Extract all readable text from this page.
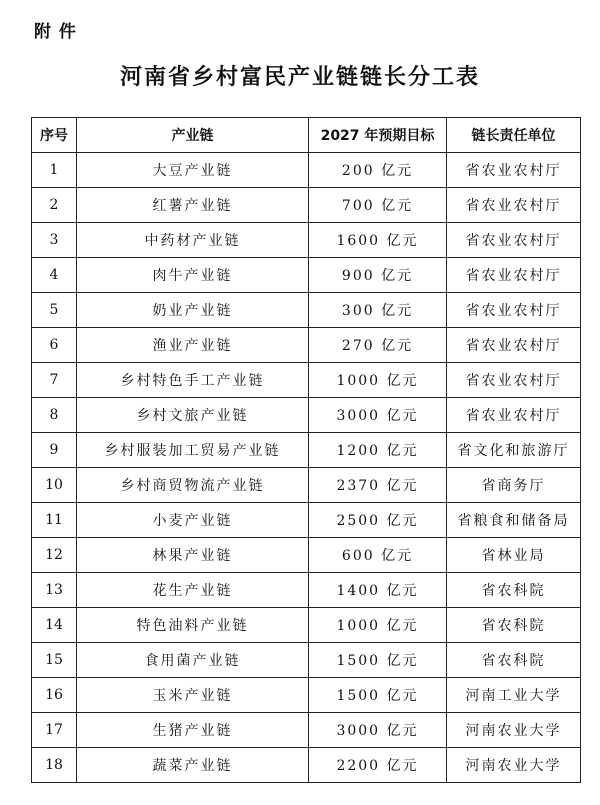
附 件
河南省乡村富民产业链链长分工表
序号	产业链	2027 年预期目标	链长责任单位
1	大豆产业链	200 亿元	省农业农村厅
2	红薯产业链	700 亿元	省农业农村厅
3	中药材产业链	1600 亿元	省农业农村厅
4	肉牛产业链	900 亿元	省农业农村厅
5	奶业产业链	300 亿元	省农业农村厅
6	渔业产业链	270 亿元	省农业农村厅
7	乡村特色手工产业链	1000 亿元	省农业农村厅
8	乡村文旅产业链	3000 亿元	省农业农村厅
9	乡村服装加工贸易产业链	1200 亿元	省文化和旅游厅
10	乡村商贸物流产业链	2370 亿元	省商务厅
11	小麦产业链	2500 亿元	省粮食和储备局
12	林果产业链	600 亿元	省林业局
13	花生产业链	1400 亿元	省农科院
14	特色油料产业链	1000 亿元	省农科院
15	食用菌产业链	1500 亿元	省农科院
16	玉米产业链	1500 亿元	河南工业大学
17	生猪产业链	3000 亿元	河南农业大学
18	蔬菜产业链	2200 亿元	河南农业大学
